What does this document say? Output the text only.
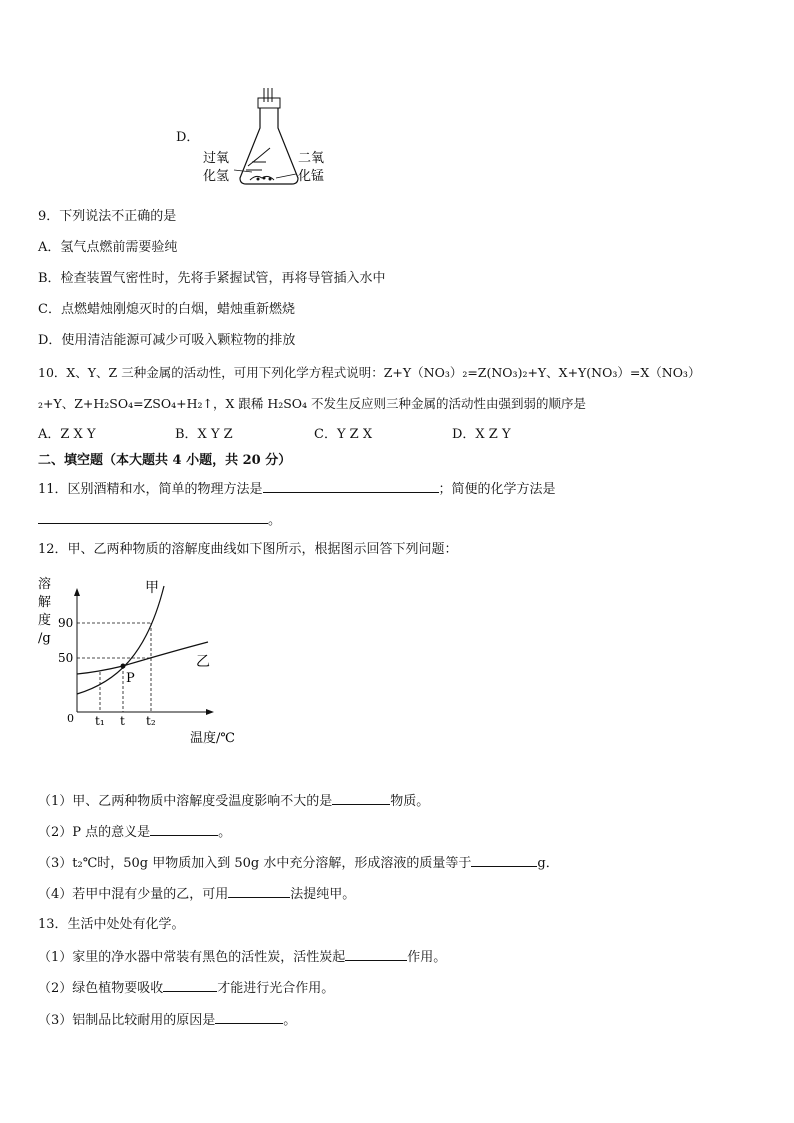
D．
过氧
化氢
二氧
化锰
9．下列说法不正确的是
A．氢气点燃前需要验纯
B．检查装置气密性时，先将手紧握试管，再将导管插入水中
C．点燃蜡烛刚熄灭时的白烟，蜡烛重新燃烧
D．使用清洁能源可减少可吸入颗粒物的排放
10．X、Y、Z 三种金属的活动性，可用下列化学方程式说明：Z+Y（NO₃）₂=Z(NO₃)₂+Y、X+Y(NO₃）=X（NO₃）
₂+Y、Z+H₂SO₄=ZSO₄+H₂↑，X 跟稀 H₂SO₄ 不发生反应则三种金属的活动性由强到弱的顺序是
A．Z X Y	B．X Y Z	C．Y Z X	D．X Z Y
二、填空题（本大题共 4 小题，共 20 分）
11．区别酒精和水，简单的物理方法是	；简便的化学方法是
。
12．甲、乙两种物质的溶解度曲线如下图所示，根据图示回答下列问题：
溶
解
度
/g
甲
乙
P
90
50
0 t₁ t t₂
温度/℃
（1）甲、乙两种物质中溶解度受温度影响不大的是	物质。
（2）P 点的意义是	。
（3）t₂℃时，50g 甲物质加入到 50g 水中充分溶解，形成溶液的质量等于	g．
（4）若甲中混有少量的乙，可用	法提纯甲。
13．生活中处处有化学。
（1）家里的净水器中常装有黑色的活性炭，活性炭起	作用。
（2）绿色植物要吸收	才能进行光合作用。
（3）铝制品比较耐用的原因是	。
